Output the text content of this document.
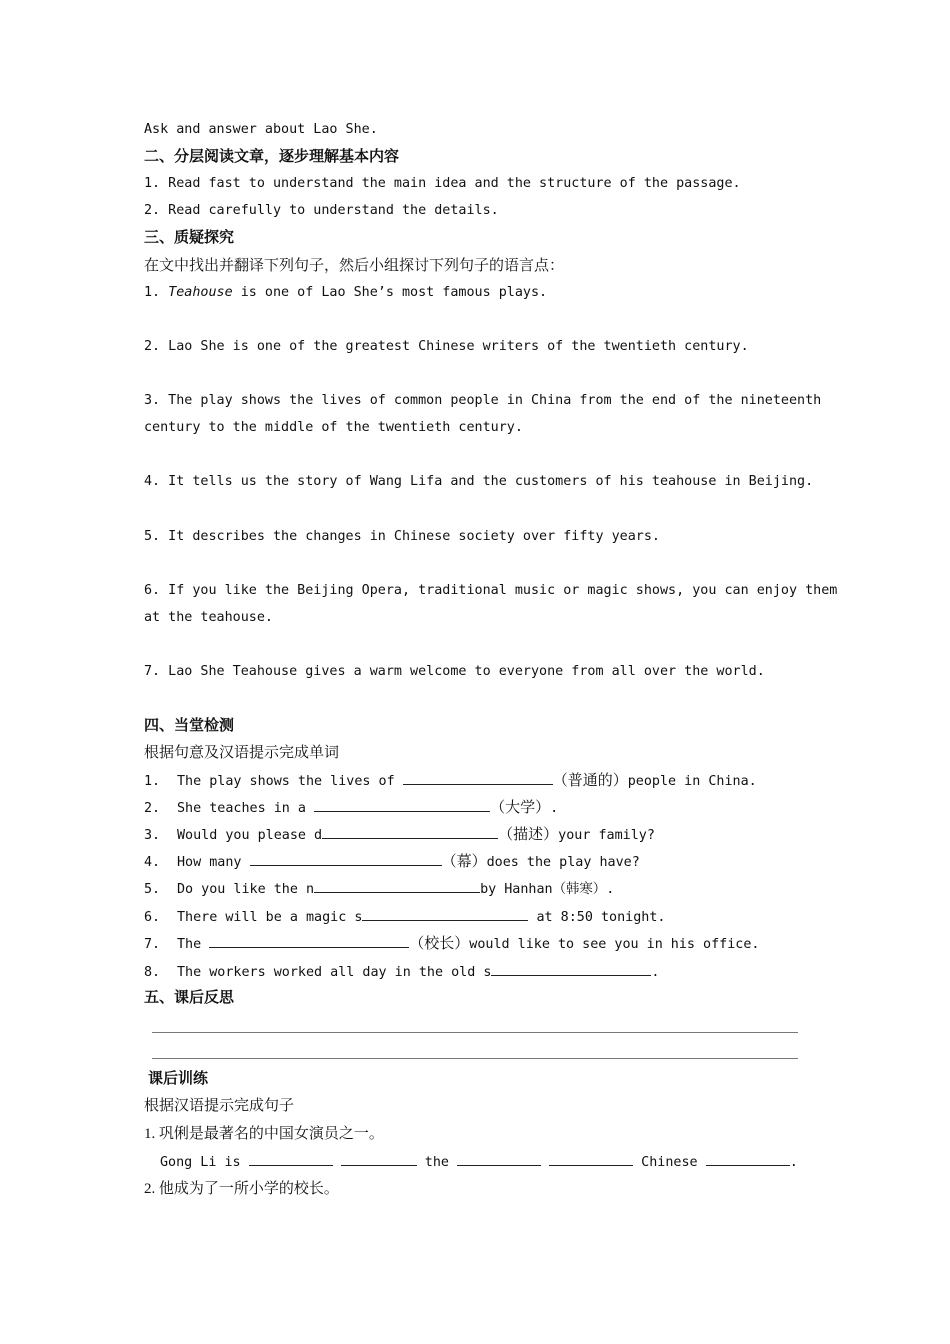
Ask and answer about Lao She.
二、分层阅读文章，逐步理解基本内容
1. Read fast to understand the main idea and the structure of the passage.
2. Read carefully to understand the details.
三、质疑探究
在文中找出并翻译下列句子，然后小组探讨下列句子的语言点：
1. Teahouse is one of Lao She’s most famous plays.
2. Lao She is one of the greatest Chinese writers of the twentieth century.
3. The play shows the lives of common people in China from the end of the nineteenth
century to the middle of the twentieth century.
4. It tells us the story of Wang Lifa and the customers of his teahouse in Beijing.
5. It describes the changes in Chinese society over fifty years.
6. If you like the Beijing Opera, traditional music or magic shows, you can enjoy them
at the teahouse.
7. Lao She Teahouse gives a warm welcome to everyone from all over the world.
四、当堂检测
根据句意及汉语提示完成单词
1. The play shows the lives of	（普通的）people in China.
2. She teaches in a	（大学）.
3. Would you please d	（描述）your family?
4. How many	（幕）does the play have?
5. Do you like the n	by Hanhan（韩寒）.
6. There will be a magic s	at 8:50 tonight.
7. The	（校长）would like to see you in his office.
8. The workers worked all day in the old s	.
五、课后反思
课后训练
根据汉语提示完成句子
1. 巩俐是最著名的中国女演员之一。
Gong Li is	the	Chinese	.
2. 他成为了一所小学的校长。
